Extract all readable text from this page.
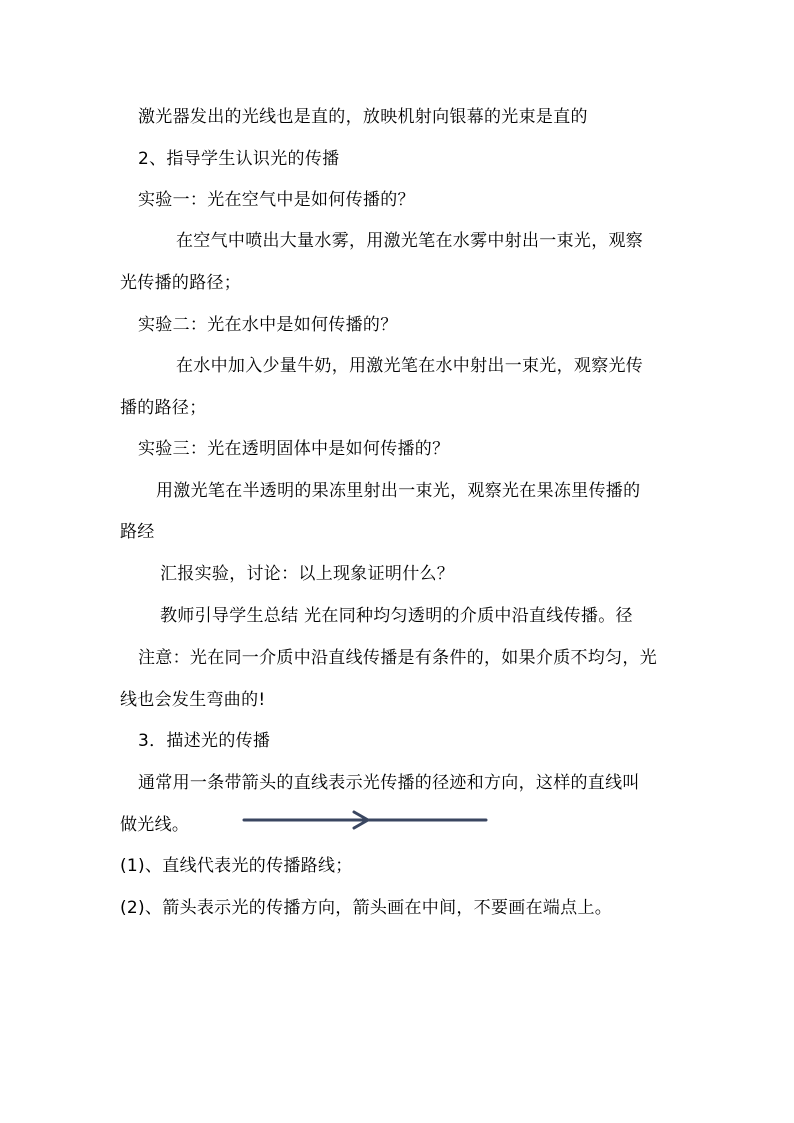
激光器发出的光线也是直的，放映机射向银幕的光束是直的
2、指导学生认识光的传播
实验一：光在空气中是如何传播的？
在空气中喷出大量水雾，用激光笔在水雾中射出一束光，观察
光传播的路径；
实验二：光在水中是如何传播的？
在水中加入少量牛奶，用激光笔在水中射出一束光，观察光传
播的路径；
实验三：光在透明固体中是如何传播的？
用激光笔在半透明的果冻里射出一束光，观察光在果冻里传播的
路经
汇报实验，讨论：以上现象证明什么？
教师引导学生总结 光在同种均匀透明的介质中沿直线传播。径
注意：光在同一介质中沿直线传播是有条件的，如果介质不均匀，光
线也会发生弯曲的!
3．描述光的传播
通常用一条带箭头的直线表示光传播的径迹和方向，这样的直线叫
做光线。
(1)、直线代表光的传播路线；
(2)、箭头表示光的传播方向，箭头画在中间，不要画在端点上。
